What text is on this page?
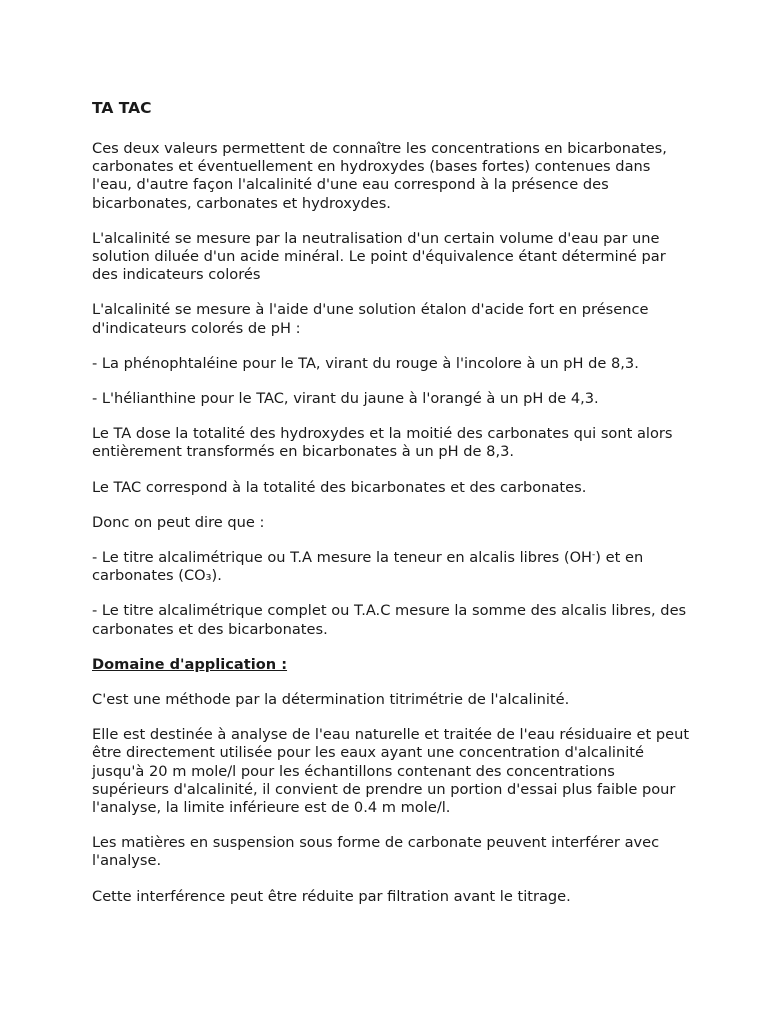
TA TAC

Ces deux valeurs permettent de connaître les concentrations en bicarbonates, carbonates et éventuellement en hydroxydes (bases fortes) contenues dans l'eau, d'autre façon l'alcalinité d'une eau correspond à la présence des bicarbonates, carbonates et hydroxydes.

L'alcalinité se mesure par la neutralisation d'un certain volume d'eau par une solution diluée d'un acide minéral. Le point d'équivalence étant déterminé par des indicateurs colorés

L'alcalinité se mesure à l'aide d'une solution étalon d'acide fort en présence d'indicateurs colorés de pH :

- La phénophtaléine pour le TA, virant du rouge à l'incolore à un pH de 8,3.

- L'hélianthine pour le TAC, virant du jaune à l'orangé à un pH de 4,3.

Le TA dose la totalité des hydroxydes et la moitié des carbonates qui sont alors entièrement transformés en bicarbonates à un pH de 8,3.

Le TAC correspond à la totalité des bicarbonates et des carbonates.

Donc on peut dire que :

- Le titre alcalimétrique ou T.A mesure la teneur en alcalis libres (OH-) et en carbonates (CO₃).

- Le titre alcalimétrique complet ou T.A.C mesure la somme des alcalis libres, des carbonates et des bicarbonates.

Domaine d'application :

C'est une méthode par la détermination titrimétrie de l'alcalinité.

Elle est destinée à analyse de l'eau naturelle et traitée de l'eau résiduaire et peut être directement utilisée pour les eaux ayant une concentration d'alcalinité jusqu'à 20 m mole/l pour les échantillons contenant des concentrations supérieurs d'alcalinité, il convient de prendre un portion d'essai plus faible pour l'analyse, la limite inférieure est de 0.4 m mole/l.

Les matières en suspension sous forme de carbonate peuvent interférer avec l'analyse.

Cette interférence peut être réduite par filtration avant le titrage.
